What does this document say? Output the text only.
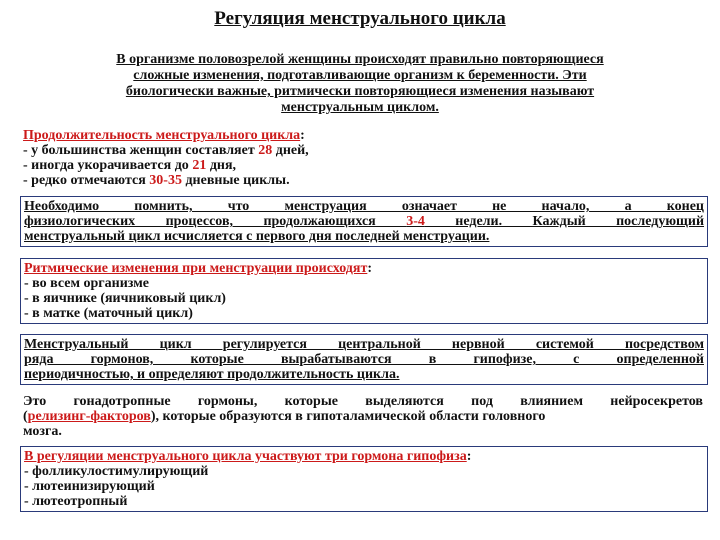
Регуляция менструального цикла
В организме половозрелой женщины происходят правильно повторяющиеся
сложные изменения, подготавливающие организм к беременности. Эти
биологически важные, ритмически повторяющиеся изменения называют
менструальным циклом.
Продолжительность менструального цикла:
- у большинства женщин составляет 28 дней,
- иногда укорачивается до 21 дня,
- редко отмечаются 30-35 дневные циклы.
Необходимо помнить, что менструация означает не начало, а конец
физиологических процессов, продолжающихся 3-4 недели. Каждый последующий
менструальный цикл исчисляется с первого дня последней менструации.
Ритмические изменения при менструации происходят:
- во всем организме
- в яичнике (яичниковый цикл)
- в матке (маточный цикл)
Менструальный цикл регулируется центральной нервной системой посредством
ряда гормонов, которые вырабатываются в гипофизе, с определенной
периодичностью, и определяют продолжительность цикла.
Это гонадотропные гормоны, которые выделяются под влиянием нейросекретов
(релизинг-факторов), которые образуются в гипоталамической области головного
мозга.
В регуляции менструального цикла участвуют три гормона гипофиза:
- фолликулостимулирующий
- лютеинизирующий
- лютеотропный
